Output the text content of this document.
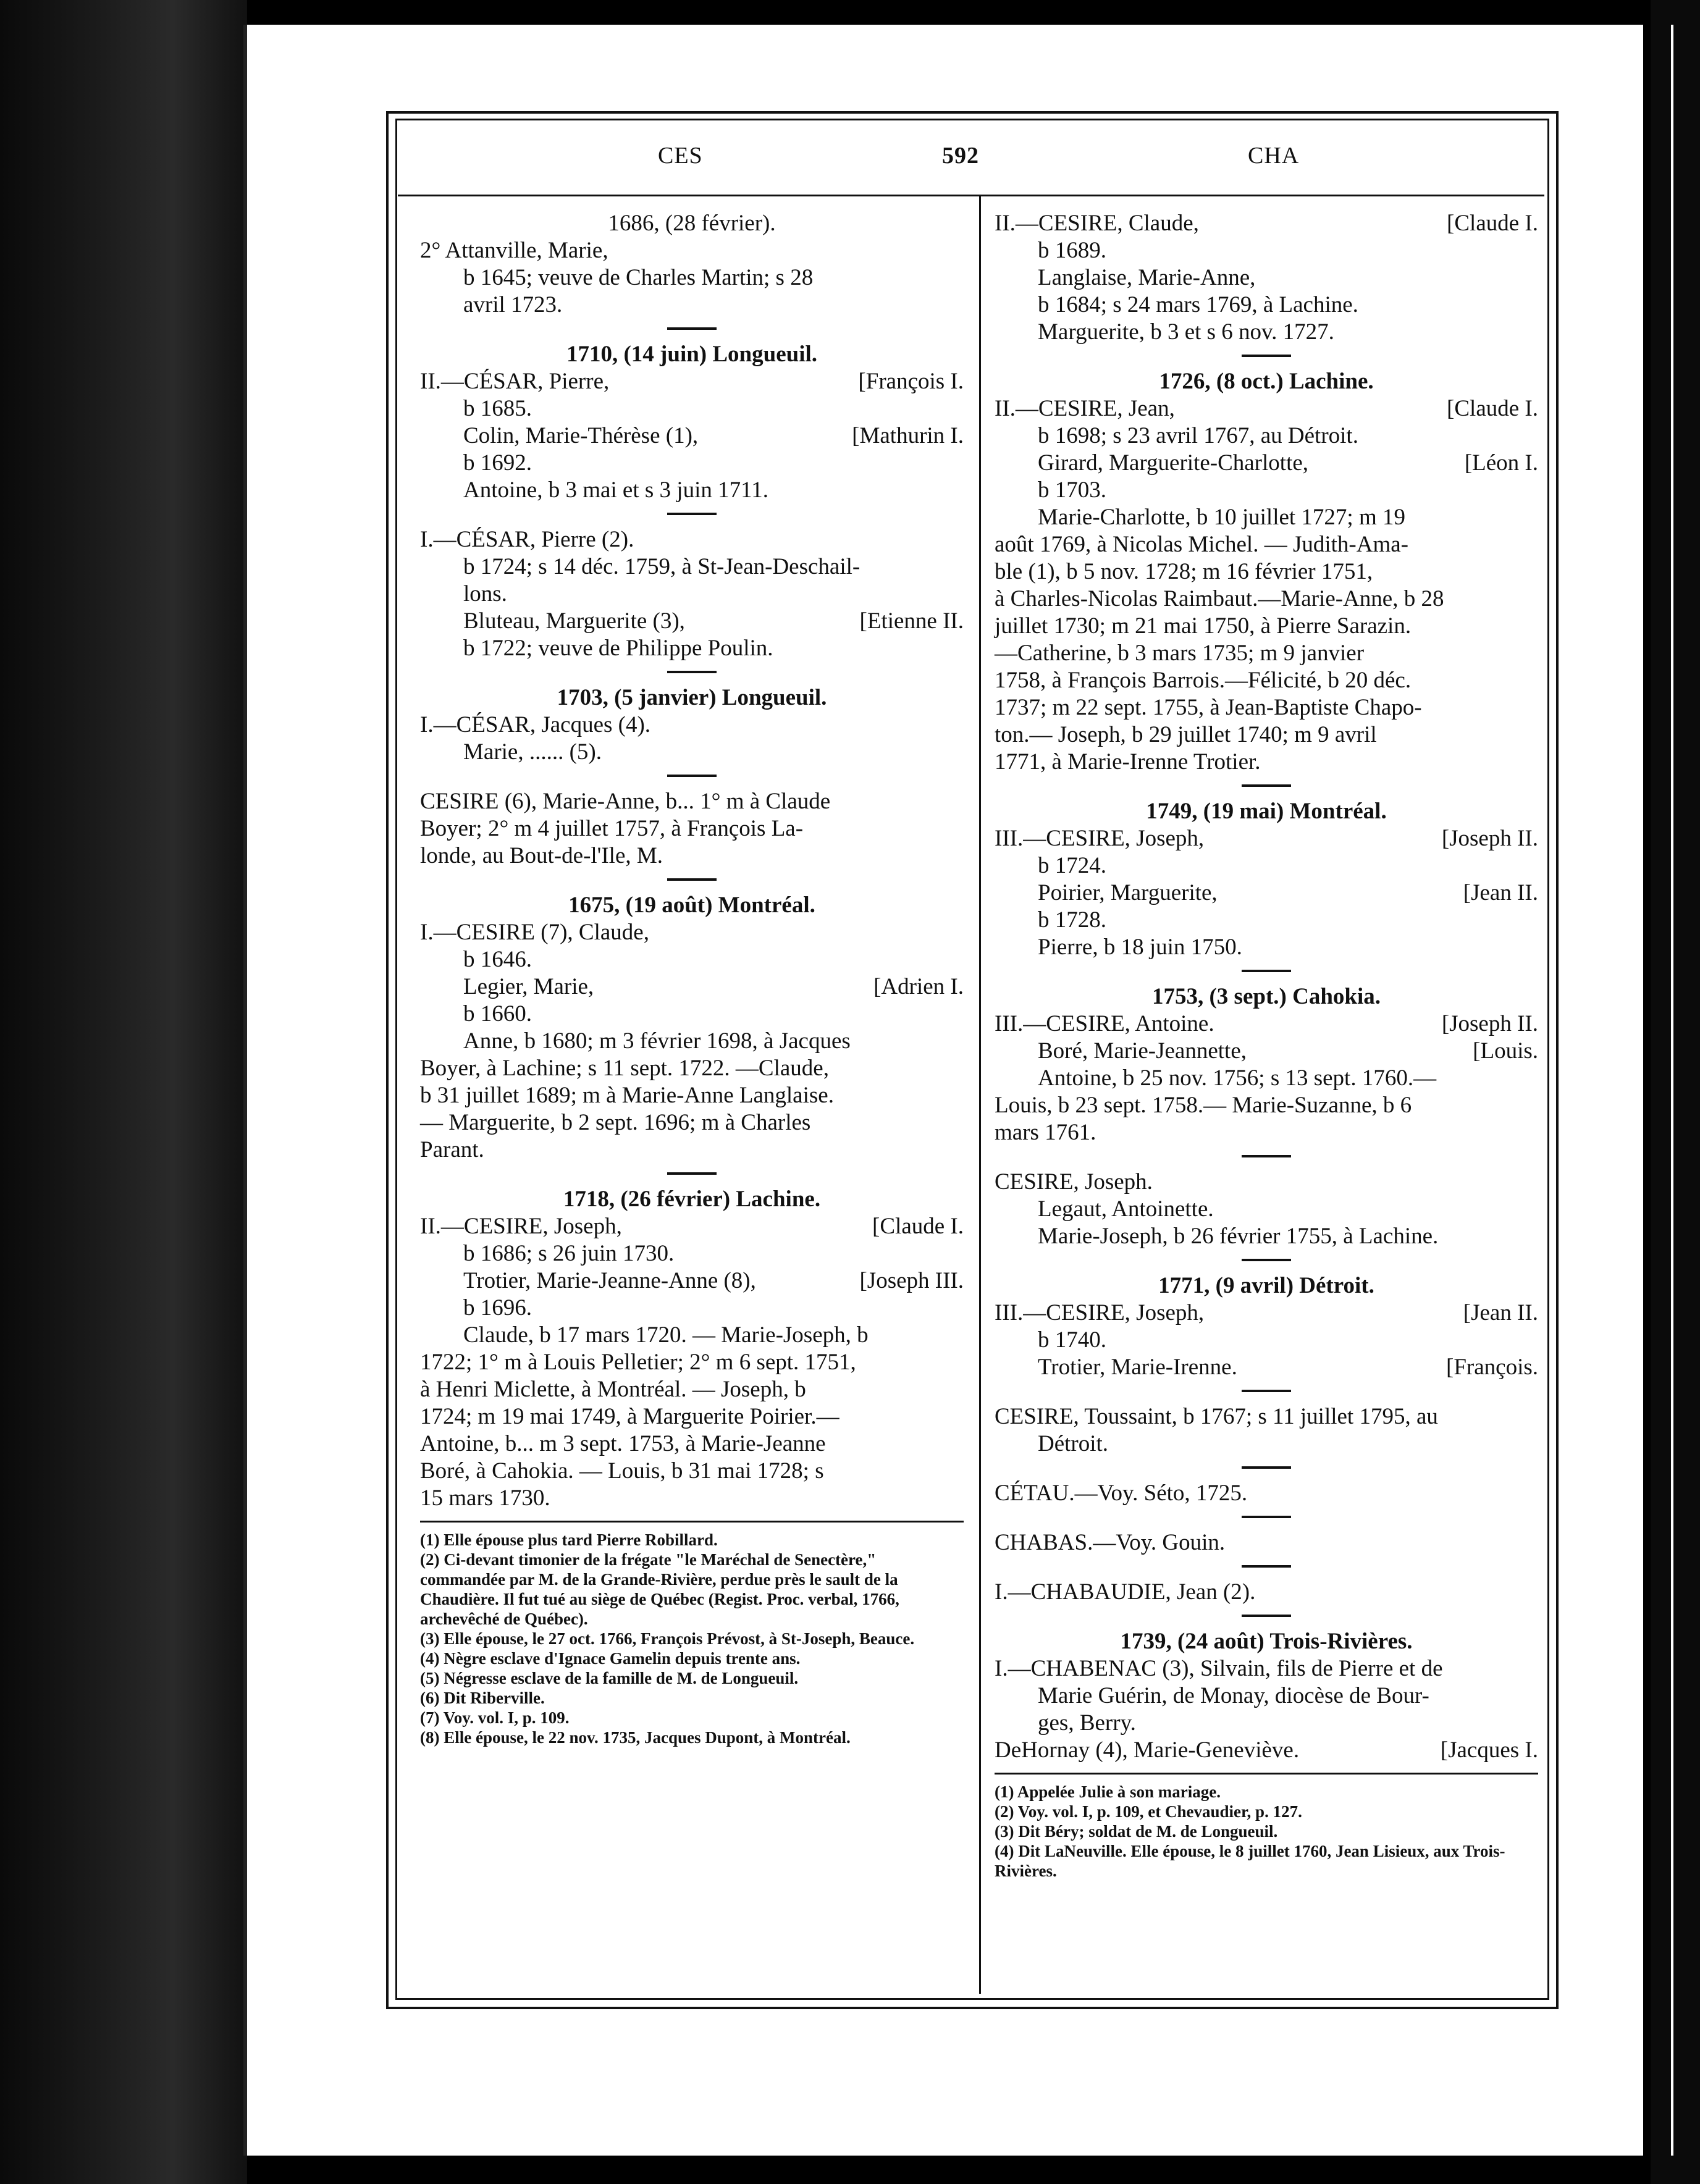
CES	592	CHA
1686, (28 février).
2° Attanville, Marie,
b 1645; veuve de Charles Martin; s 28
avril 1723.
1710, (14 juin) Longueuil.
II.—CÉSAR, Pierre,	[François I.
b 1685.
Colin, Marie-Thérèse (1),	[Mathurin I.
b 1692.
Antoine, b 3 mai et s 3 juin 1711.
I.—CÉSAR, Pierre (2).
b 1724; s 14 déc. 1759, à St-Jean-Deschail-
lons.
Bluteau, Marguerite (3),	[Etienne II.
b 1722; veuve de Philippe Poulin.
1703, (5 janvier) Longueuil.
I.—CÉSAR, Jacques (4).
Marie, ...... (5).
CESIRE (6), Marie-Anne, b... 1° m à Claude
Boyer; 2° m 4 juillet 1757, à François La-
londe, au Bout-de-l'Ile, M.
1675, (19 août) Montréal.
I.—CESIRE (7), Claude,
b 1646.
Legier, Marie,	[Adrien I.
b 1660.
Anne, b 1680; m 3 février 1698, à Jacques
Boyer, à Lachine; s 11 sept. 1722. —Claude,
b 31 juillet 1689; m à Marie-Anne Langlaise.
— Marguerite, b 2 sept. 1696; m à Charles
Parant.
1718, (26 février) Lachine.
II.—CESIRE, Joseph,	[Claude I.
b 1686; s 26 juin 1730.
Trotier, Marie-Jeanne-Anne (8),	[Joseph III.
b 1696.
Claude, b 17 mars 1720. — Marie-Joseph, b
1722; 1° m à Louis Pelletier; 2° m 6 sept. 1751,
à Henri Miclette, à Montréal. — Joseph, b
1724; m 19 mai 1749, à Marguerite Poirier.—
Antoine, b... m 3 sept. 1753, à Marie-Jeanne
Boré, à Cahokia. — Louis, b 31 mai 1728; s
15 mars 1730.
(1) Elle épouse plus tard Pierre Robillard.
(2) Ci-devant timonier de la frégate "le Maréchal de Senectère," commandée par M. de la Grande-Rivière, perdue près le sault de la Chaudière. Il fut tué au siège de Québec (Regist. Proc. verbal, 1766, archevêché de Québec).
(3) Elle épouse, le 27 oct. 1766, François Prévost, à St-Joseph, Beauce.
(4) Nègre esclave d'Ignace Gamelin depuis trente ans.
(5) Négresse esclave de la famille de M. de Longueuil.
(6) Dit Riberville.
(7) Voy. vol. I, p. 109.
(8) Elle épouse, le 22 nov. 1735, Jacques Dupont, à Montréal.
II.—CESIRE, Claude,	[Claude I.
b 1689.
Langlaise, Marie-Anne,
b 1684; s 24 mars 1769, à Lachine.
Marguerite, b 3 et s 6 nov. 1727.
1726, (8 oct.) Lachine.
II.—CESIRE, Jean,	[Claude I.
b 1698; s 23 avril 1767, au Détroit.
Girard, Marguerite-Charlotte,	[Léon I.
b 1703.
Marie-Charlotte, b 10 juillet 1727; m 19
août 1769, à Nicolas Michel. — Judith-Ama-
ble (1), b 5 nov. 1728; m 16 février 1751,
à Charles-Nicolas Raimbaut.—Marie-Anne, b 28
juillet 1730; m 21 mai 1750, à Pierre Sarazin.
—Catherine, b 3 mars 1735; m 9 janvier
1758, à François Barrois.—Félicité, b 20 déc.
1737; m 22 sept. 1755, à Jean-Baptiste Chapo-
ton.— Joseph, b 29 juillet 1740; m 9 avril
1771, à Marie-Irenne Trotier.
1749, (19 mai) Montréal.
III.—CESIRE, Joseph,	[Joseph II.
b 1724.
Poirier, Marguerite,	[Jean II.
b 1728.
Pierre, b 18 juin 1750.
1753, (3 sept.) Cahokia.
III.—CESIRE, Antoine.	[Joseph II.
Boré, Marie-Jeannette,	[Louis.
Antoine, b 25 nov. 1756; s 13 sept. 1760.—
Louis, b 23 sept. 1758.— Marie-Suzanne, b 6
mars 1761.
CESIRE, Joseph.
Legaut, Antoinette.
Marie-Joseph, b 26 février 1755, à Lachine.
1771, (9 avril) Détroit.
III.—CESIRE, Joseph,	[Jean II.
b 1740.
Trotier, Marie-Irenne.	[François.
CESIRE, Toussaint, b 1767; s 11 juillet 1795, au
Détroit.
CÉTAU.—Voy. Séto, 1725.
CHABAS.—Voy. Gouin.
I.—CHABAUDIE, Jean (2).
1739, (24 août) Trois-Rivières.
I.—CHABENAC (3), Silvain, fils de Pierre et de
Marie Guérin, de Monay, diocèse de Bour-
ges, Berry.
DeHornay (4), Marie-Geneviève.	[Jacques I.
(1) Appelée Julie à son mariage.
(2) Voy. vol. I, p. 109, et Chevaudier, p. 127.
(3) Dit Béry; soldat de M. de Longueuil.
(4) Dit LaNeuville. Elle épouse, le 8 juillet 1760, Jean Lisieux, aux Trois-Rivières.
